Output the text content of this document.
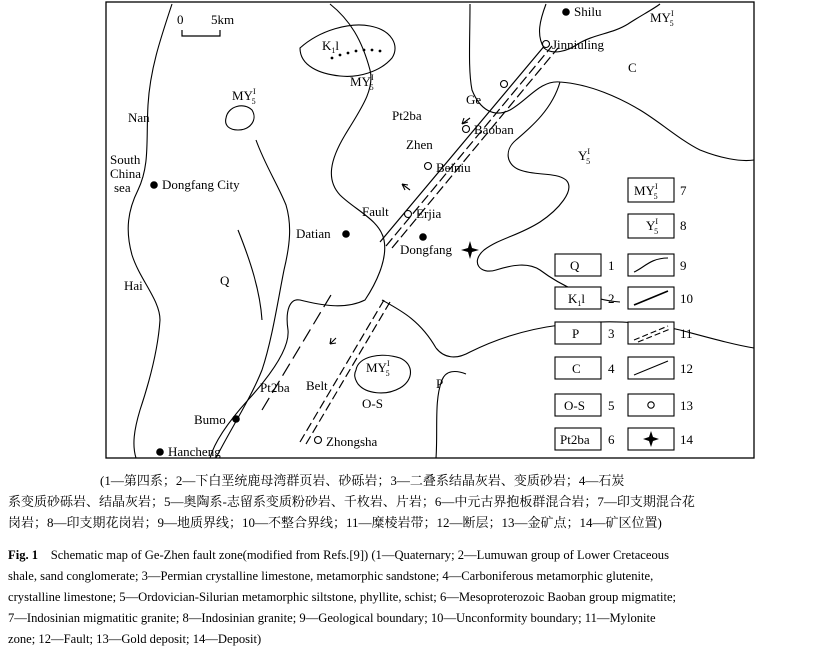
0 5km
Shilu
Jinniuling
$M\Upsilon^I$ 5
C
$K_1l$
$M\Upsilon^I$ 5
$M\Upsilon^I$ 5	Ge
Pt2ba
Baoban
Zhen
$\Upsilon^I$ 5
Beiniu
Nan
South
China
sea Dongfang City
Fault Erjia
Datian
Dongfang
Hai	Q
$M\Upsilon^I$ 5
Pt2ba Belt
O-S
P
Bumo
Zhongsha
Hancheng
Q 1
$K_1l$ 2
P 3
C 4
O-S 5
Pt2ba 6
$M\Upsilon^I$ 5 7
$\Upsilon^I$ 5 8
9
10
11
12
13
14
(1—第四系；2—下白垩统鹿母湾群页岩、砂砾岩；3—二叠系结晶灰岩、变质砂岩；4—石炭
系变质砂砾岩、结晶灰岩；5—奥陶系-志留系变质粉砂岩、千枚岩、片岩；6—中元古界抱板群混合岩；7—印支期混合花
岗岩；8—印支期花岗岩；9—地质界线；10—不整合界线；11—糜棱岩带；12—断层；13—金矿点；14—矿区位置)
Fig. 1 Schematic map of Ge-Zhen fault zone(modified from Refs.[9]) (1—Quaternary; 2—Lumuwan group of Lower Cretaceous
shale, sand conglomerate; 3—Permian crystalline limestone, metamorphic sandstone; 4—Carboniferous metamorphic glutenite,
crystalline limestone; 5—Ordovician-Silurian metamorphic siltstone, phyllite, schist; 6—Mesoproterozoic Baoban group migmatite;
7—Indosinian migmatitic granite; 8—Indosinian granite; 9—Geological boundary; 10—Unconformity boundary; 11—Mylonite
zone; 12—Fault; 13—Gold deposit; 14—Deposit)
